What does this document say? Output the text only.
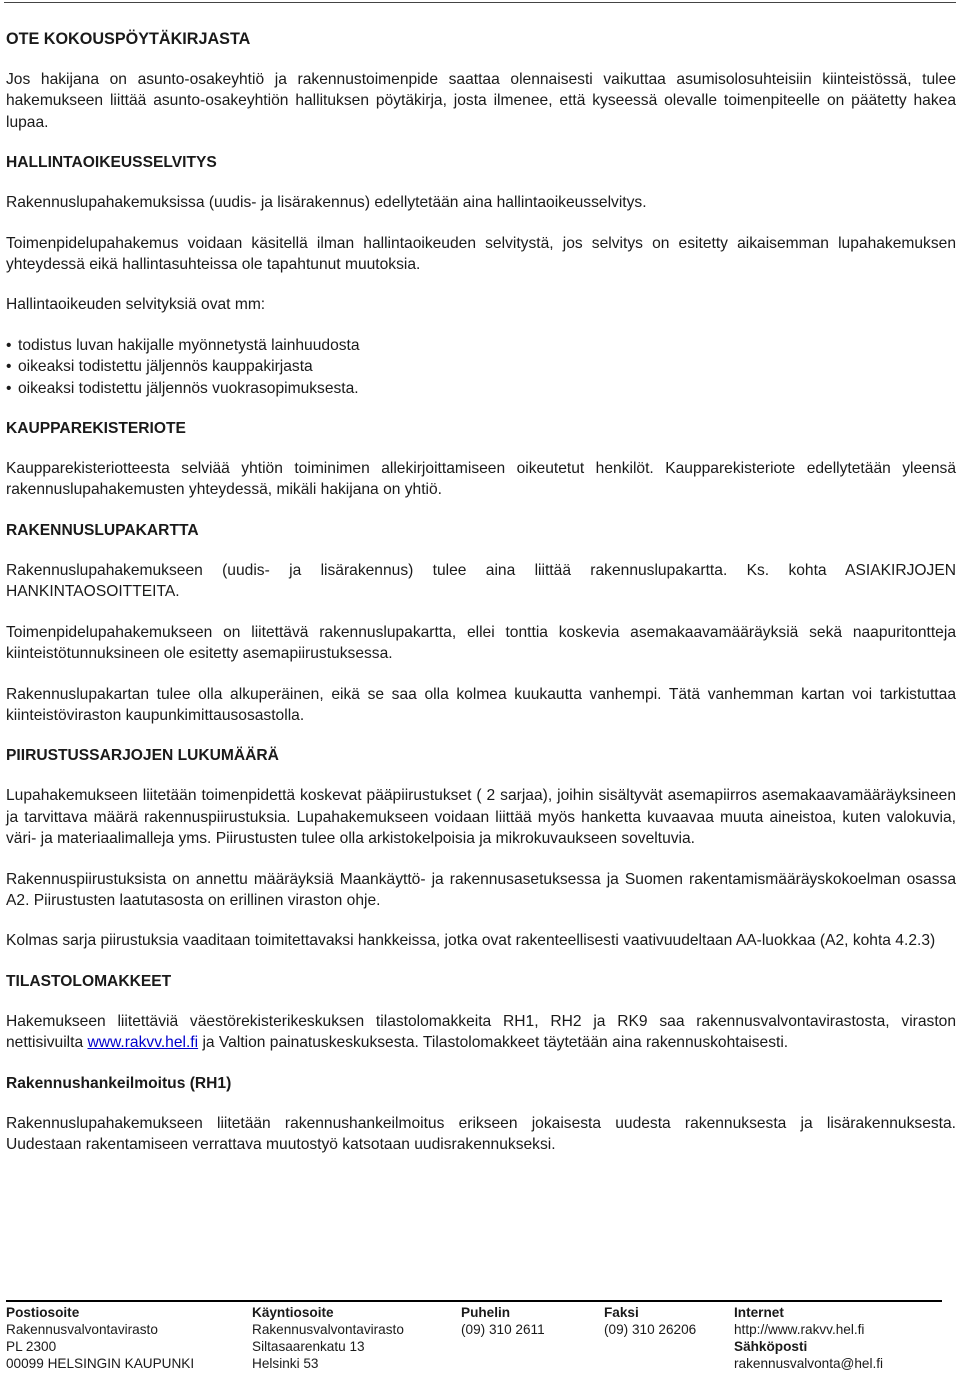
OTE KOKOUSPÖYTÄKIRJASTA

Jos hakijana on asunto-osakeyhtiö ja rakennustoimenpide saattaa olennaisesti vaikuttaa asumisolosuhteisiin kiinteistössä, tulee hakemukseen liittää asunto-osakeyhtiön hallituksen pöytäkirja, josta ilmenee, että kyseessä olevalle toimenpiteelle on päätetty hakea lupaa.

HALLINTAOIKEUSSELVITYS

Rakennuslupahakemuksissa (uudis- ja lisärakennus) edellytetään aina hallintaoikeusselvitys.

Toimenpidelupahakemus voidaan käsitellä ilman hallintaoikeuden selvitystä, jos selvitys on esitetty aikaisemman lupahakemuksen yhteydessä eikä hallintasuhteissa ole tapahtunut muutoksia.

Hallintaoikeuden selvityksiä ovat mm:

• todistus luvan hakijalle myönnetystä lainhuudosta
• oikeaksi todistettu jäljennös kauppakirjasta
• oikeaksi todistettu jäljennös vuokrasopimuksesta.
KAUPPAREKISTERIOTE

Kaupparekisteriotteesta selviää yhtiön toiminimen allekirjoittamiseen oikeutetut henkilöt. Kaupparekisteriote edellytetään yleensä rakennuslupahakemusten yhteydessä, mikäli hakijana on yhtiö.

RAKENNUSLUPAKARTTA

Rakennuslupahakemukseen (uudis- ja lisärakennus) tulee aina liittää rakennuslupakartta. Ks. kohta ASIAKIRJOJEN HANKINTAOSOITTEITA.

Toimenpidelupahakemukseen on liitettävä rakennuslupakartta, ellei tonttia koskevia asemakaavamääräyksiä sekä naapuritontteja kiinteistötunnuksineen ole esitetty asemapiirustuksessa.

Rakennuslupakartan tulee olla alkuperäinen, eikä se saa olla kolmea kuukautta vanhempi. Tätä vanhemman kartan voi tarkistuttaa kiinteistöviraston kaupunkimittausosastolla.

PIIRUSTUSSARJOJEN LUKUMÄÄRÄ

Lupahakemukseen liitetään toimenpidettä koskevat pääpiirustukset ( 2 sarjaa), joihin sisältyvät asemapiirros asemakaavamääräyksineen ja tarvittava määrä rakennuspiirustuksia. Lupahakemukseen voidaan liittää myös hanketta kuvaavaa muuta aineistoa, kuten valokuvia, väri- ja materiaalimalleja yms. Piirustusten tulee olla arkistokelpoisia ja mikrokuvaukseen soveltuvia.

Rakennuspiirustuksista on annettu määräyksiä Maankäyttö- ja rakennusasetuksessa ja Suomen rakentamismääräyskokoelman osassa A2. Piirustusten laatutasosta on erillinen viraston ohje.

Kolmas sarja piirustuksia vaaditaan toimitettavaksi hankkeissa, jotka ovat rakenteellisesti vaativuudeltaan AA-luokkaa (A2, kohta 4.2.3)

TILASTOLOMAKKEET

Hakemukseen liitettäviä väestörekisterikeskuksen tilastolomakkeita RH1, RH2 ja RK9 saa rakennusvalvontavirastosta, viraston nettisivuilta www.rakvv.hel.fi ja Valtion painatuskeskuksesta. Tilastolomakkeet täytetään aina rakennuskohtaisesti.

Rakennushankeilmoitus (RH1)

Rakennuslupahakemukseen liitetään rakennushankeilmoitus erikseen jokaisesta uudesta rakennuksesta ja lisärakennuksesta. Uudestaan rakentamiseen verrattava muutostyö katsotaan uudisrakennukseksi.

Postiosoite
Rakennusvalvontavirasto
PL 2300
00099 HELSINGIN KAUPUNKI
Käyntiosoite
Rakennusvalvontavirasto
Siltasaarenkatu 13
Helsinki 53
Puhelin
(09) 310 2611
Faksi
(09) 310 26206
Internet
http://www.rakvv.hel.fi
Sähköposti
rakennusvalvonta@hel.fi
